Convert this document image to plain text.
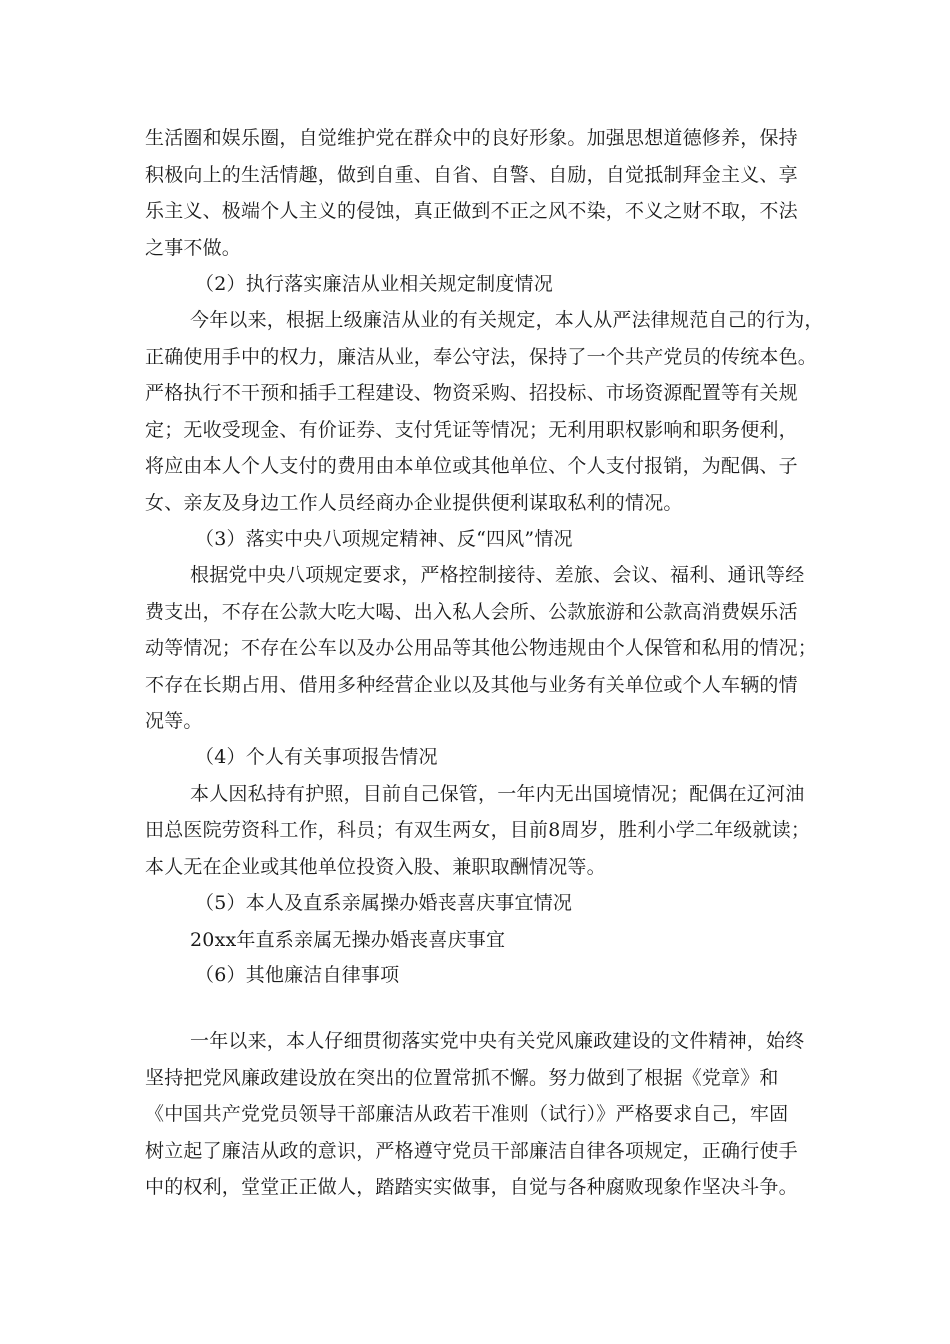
生活圈和娱乐圈，自觉维护党在群众中的良好形象。加强思想道德修养，保持
积极向上的生活情趣，做到自重、自省、自警、自励，自觉抵制拜金主义、享
乐主义、极端个人主义的侵蚀，真正做到不正之风不染，不义之财不取，不法
之事不做。
（2）执行落实廉洁从业相关规定制度情况
今年以来，根据上级廉洁从业的有关规定，本人从严法律规范自己的行为，
正确使用手中的权力，廉洁从业，奉公守法，保持了一个共产党员的传统本色。
严格执行不干预和插手工程建设、物资采购、招投标、市场资源配置等有关规
定；无收受现金、有价证券、支付凭证等情况；无利用职权影响和职务便利，
将应由本人个人支付的费用由本单位或其他单位、个人支付报销，为配偶、子
女、亲友及身边工作人员经商办企业提供便利谋取私利的情况。
（3）落实中央八项规定精神、反“四风”情况
根据党中央八项规定要求，严格控制接待、差旅、会议、福利、通讯等经
费支出，不存在公款大吃大喝、出入私人会所、公款旅游和公款高消费娱乐活
动等情况；不存在公车以及办公用品等其他公物违规由个人保管和私用的情况；
不存在长期占用、借用多种经营企业以及其他与业务有关单位或个人车辆的情
况等。
（4）个人有关事项报告情况
本人因私持有护照，目前自己保管，一年内无出国境情况；配偶在辽河油
田总医院劳资科工作，科员；有双生两女，目前8周岁，胜利小学二年级就读；
本人无在企业或其他单位投资入股、兼职取酬情况等。
（5）本人及直系亲属操办婚丧喜庆事宜情况
20xx年直系亲属无操办婚丧喜庆事宜
（6）其他廉洁自律事项
一年以来，本人仔细贯彻落实党中央有关党风廉政建设的文件精神，始终
坚持把党风廉政建设放在突出的位置常抓不懈。努力做到了根据《党章》和
《中国共产党党员领导干部廉洁从政若干准则（试行）》严格要求自己，牢固
树立起了廉洁从政的意识，严格遵守党员干部廉洁自律各项规定，正确行使手
中的权利，堂堂正正做人，踏踏实实做事，自觉与各种腐败现象作坚决斗争。
